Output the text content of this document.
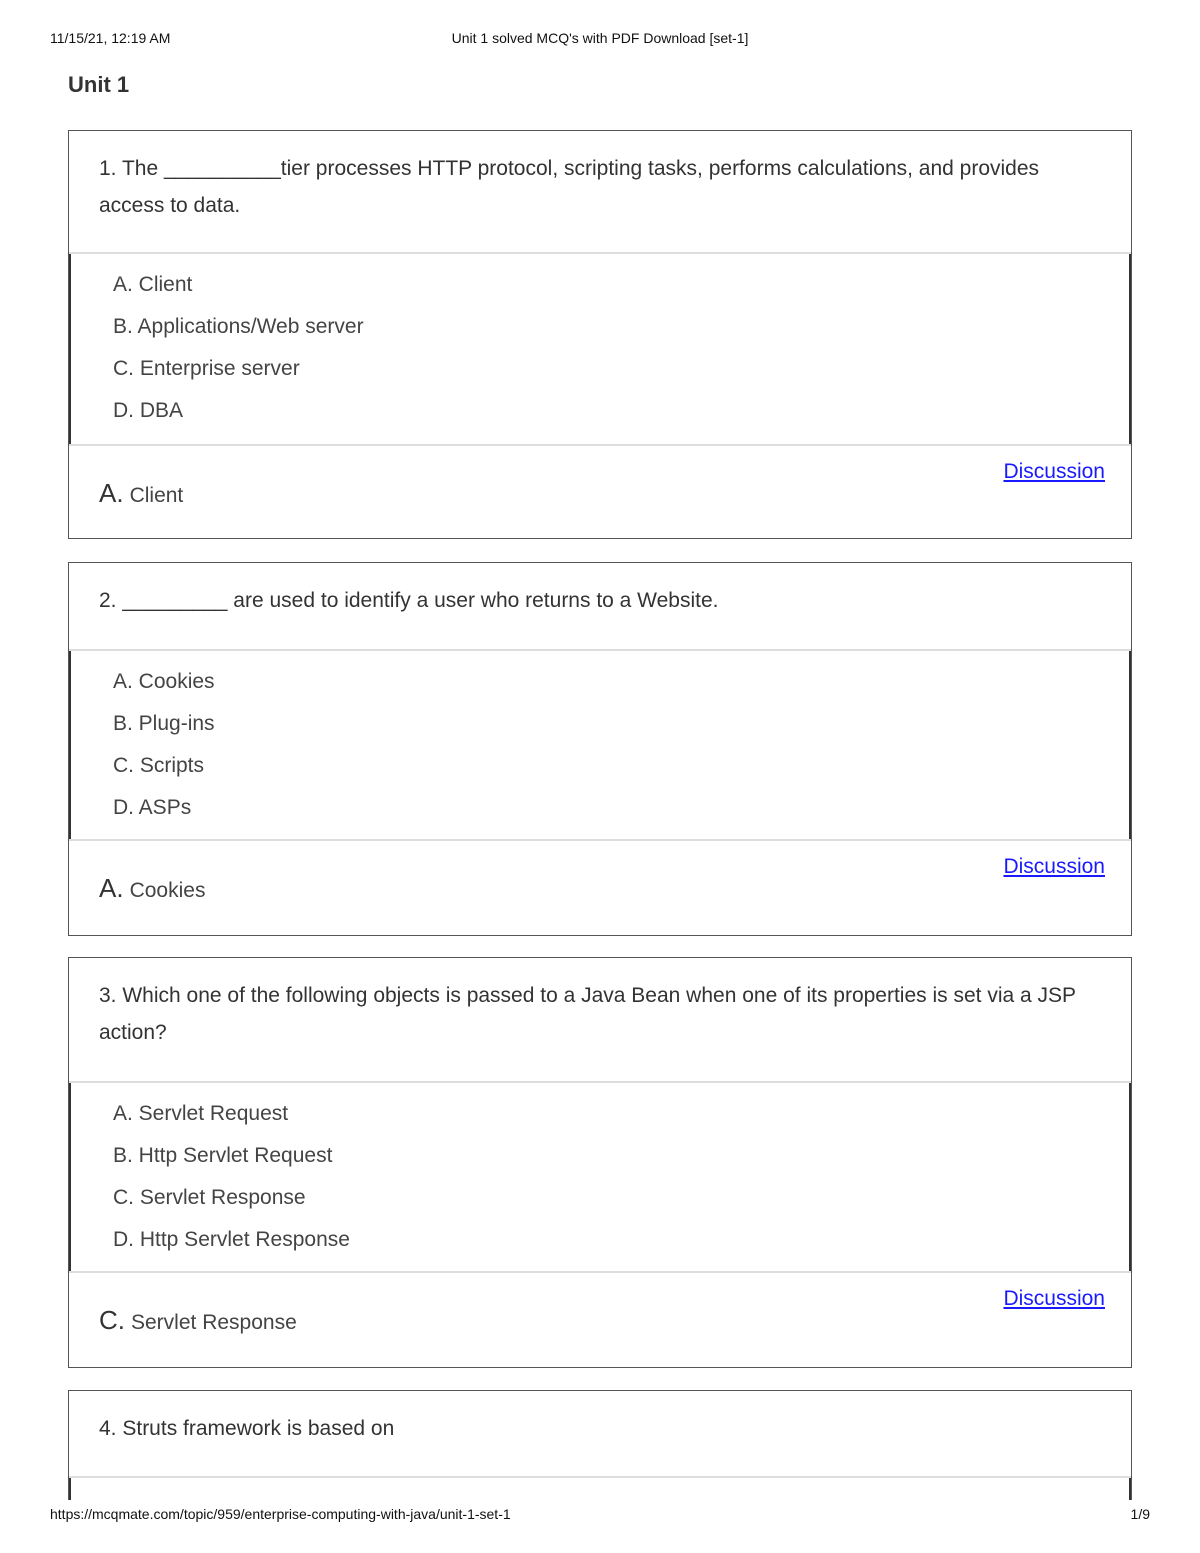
11/15/21, 12:19 AM	Unit 1 solved MCQ's with PDF Download [set-1]
Unit 1
1. The __________tier processes HTTP protocol, scripting tasks, performs calculations, and provides access to data.
A. Client
B. Applications/Web server
C. Enterprise server
D. DBA
Discussion
A. Client
2. _________ are used to identify a user who returns to a Website.
A. Cookies
B. Plug-ins
C. Scripts
D. ASPs
Discussion
A. Cookies
3. Which one of the following objects is passed to a Java Bean when one of its properties is set via a JSP action?
A. Servlet Request
B. Http Servlet Request
C. Servlet Response
D. Http Servlet Response
Discussion
C. Servlet Response
4. Struts framework is based on
https://mcqmate.com/topic/959/enterprise-computing-with-java/unit-1-set-1	1/9
